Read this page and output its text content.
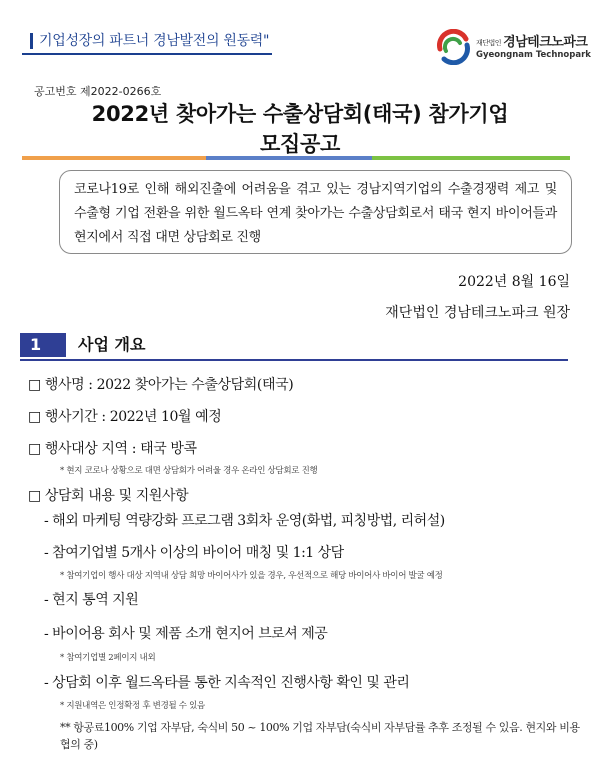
기업성장의 파트너 경남발전의 원동력"	재단법인 경남테크노파크
Gyeongnam Technopark
공고번호 제2022-0266호
2022년 찾아가는 수출상담회(태국) 참가기업
모집공고
코로나19로 인해 해외진출에 어려움을 겪고 있는 경남지역기업의 수출경쟁력 제고 및 수출형 기업 전환을 위한 월드옥타 연계 찾아가는 수출상담회로서 태국 현지 바이어들과 현지에서 직접 대면 상담회로 진행
2022년 8월 16일
재단법인 경남테크노파크 원장
1	사업 개요
□ 행사명 : 2022 찾아가는 수출상담회(태국)
□ 행사기간 : 2022년 10월 예정
□ 행사대상 지역 : 태국 방콕
* 현지 코로나 상황으로 대면 상담회가 어려울 경우 온라인 상담회로 진행
□ 상담회 내용 및 지원사항
- 해외 마케팅 역량강화 프로그램 3회차 운영(화법, 피칭방법, 리허설)
- 참여기업별 5개사 이상의 바이어 매칭 및 1:1 상담
* 참여기업이 행사 대상 지역내 상담 희망 바이어사가 있을 경우, 우선적으로 해당 바이어사 바이어 발굴 예정
- 현지 통역 지원
- 바이어용 회사 및 제품 소개 현지어 브로셔 제공
* 참여기업별 2페이지 내외
- 상담회 이후 월드옥타를 통한 지속적인 진행사항 확인 및 관리
* 지원내역은 인정확정 후 변경될 수 있음
** 항공료100% 기업 자부담, 숙식비 50 ~ 100% 기업 자부담(숙식비 자부담률 추후 조정될 수 있음. 현지와 비용 협의 중)
